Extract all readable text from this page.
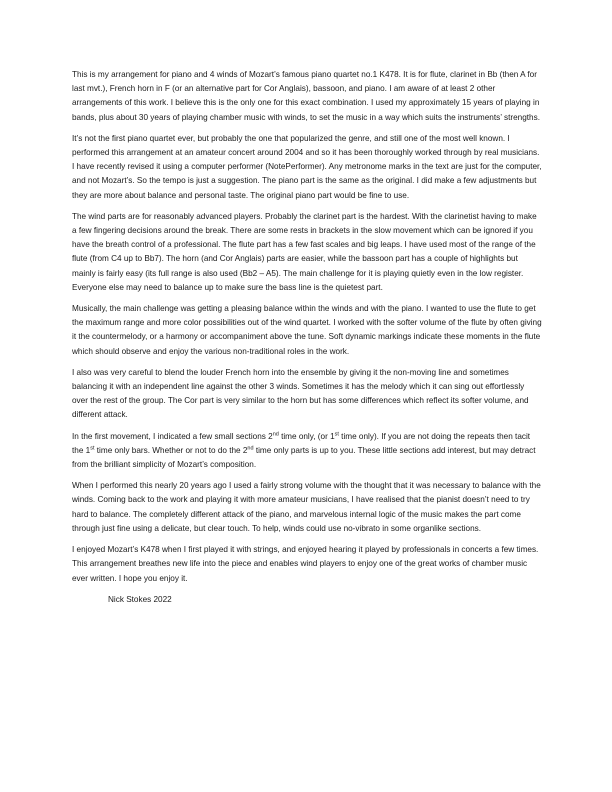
This is my arrangement for piano and 4 winds of Mozart’s famous piano quartet no.1 K478. It is for flute, clarinet in Bb (then A for last mvt.), French horn in F (or an alternative part for Cor Anglais), bassoon, and piano. I am aware of at least 2 other arrangements of this work. I believe this is the only one for this exact combination. I used my approximately 15 years of playing in bands, plus about 30 years of playing chamber music with winds, to set the music in a way which suits the instruments’ strengths.

It’s not the first piano quartet ever, but probably the one that popularized the genre, and still one of the most well known. I performed this arrangement at an amateur concert around 2004 and so it has been thoroughly worked through by real musicians. I have recently revised it using a computer performer (NotePerformer). Any metronome marks in the text are just for the computer, and not Mozart’s. So the tempo is just a suggestion. The piano part is the same as the original. I did make a few adjustments but they are more about balance and personal taste. The original piano part would be fine to use.

The wind parts are for reasonably advanced players. Probably the clarinet part is the hardest. With the clarinetist having to make a few fingering decisions around the break. There are some rests in brackets in the slow movement which can be ignored if you have the breath control of a professional. The flute part has a few fast scales and big leaps. I have used most of the range of the flute (from C4 up to Bb7). The horn (and Cor Anglais) parts are easier, while the bassoon part has a couple of highlights but mainly is fairly easy (its full range is also used (Bb2 – A5). The main challenge for it is playing quietly even in the low register. Everyone else may need to balance up to make sure the bass line is the quietest part.

Musically, the main challenge was getting a pleasing balance within the winds and with the piano. I wanted to use the flute to get the maximum range and more color possibilities out of the wind quartet. I worked with the softer volume of the flute by often giving it the countermelody, or a harmony or accompaniment above the tune. Soft dynamic markings indicate these moments in the flute which should observe and enjoy the various non-traditional roles in the work.

I also was very careful to blend the louder French horn into the ensemble by giving it the non-moving line and sometimes balancing it with an independent line against the other 3 winds. Sometimes it has the melody which it can sing out effortlessly over the rest of the group. The Cor part is very similar to the horn but has some differences which reflect its softer volume, and different attack.

In the first movement, I indicated a few small sections 2nd time only, (or 1st time only). If you are not doing the repeats then tacit the 1st time only bars. Whether or not to do the 2nd time only parts is up to you. These little sections add interest, but may detract from the brilliant simplicity of Mozart’s composition.

When I performed this nearly 20 years ago I used a fairly strong volume with the thought that it was necessary to balance with the winds. Coming back to the work and playing it with more amateur musicians, I have realised that the pianist doesn’t need to try hard to balance. The completely different attack of the piano, and marvelous internal logic of the music makes the part come through just fine using a delicate, but clear touch. To help, winds could use no-vibrato in some organlike sections.

I enjoyed Mozart’s K478 when I first played it with strings, and enjoyed hearing it played by professionals in concerts a few times. This arrangement breathes new life into the piece and enables wind players to enjoy one of the great works of chamber music ever written. I hope you enjoy it.

Nick Stokes 2022
